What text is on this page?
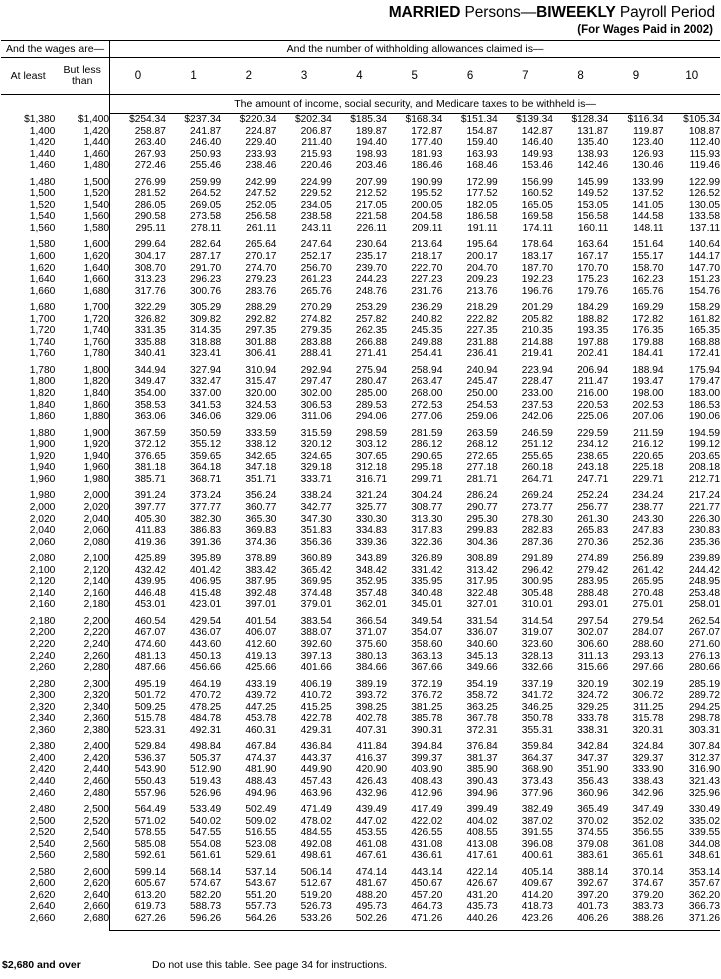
MARRIED Persons—BIWEEKLY Payroll Period
(For Wages Paid in 2002)
And the wages are—		And the number of withholding allowances claimed is—										
At least	But less
than	0	1	2	3	4	5	6	7	8	9	10
		The amount of income, social security, and Medicare taxes to be withheld is—										
$1,380	$1,400	$254.34	$237.34	$220.34	$202.34	$185.34	$168.34	$151.34	$139.34	$128.34	$116.34	$105.34
1,400	1,420	258.87	241.87	224.87	206.87	189.87	172.87	154.87	142.87	131.87	119.87	108.87
1,420	1,440	263.40	246.40	229.40	211.40	194.40	177.40	159.40	146.40	135.40	123.40	112.40
1,440	1,460	267.93	250.93	233.93	215.93	198.93	181.93	163.93	149.93	138.93	126.93	115.93
1,460	1,480	272.46	255.46	238.46	220.46	203.46	186.46	168.46	153.46	142.46	130.46	119.46

1,480	1,500	276.99	259.99	242.99	224.99	207.99	190.99	172.99	156.99	145.99	133.99	122.99
1,500	1,520	281.52	264.52	247.52	229.52	212.52	195.52	177.52	160.52	149.52	137.52	126.52
1,520	1,540	286.05	269.05	252.05	234.05	217.05	200.05	182.05	165.05	153.05	141.05	130.05
1,540	1,560	290.58	273.58	256.58	238.58	221.58	204.58	186.58	169.58	156.58	144.58	133.58
1,560	1,580	295.11	278.11	261.11	243.11	226.11	209.11	191.11	174.11	160.11	148.11	137.11

1,580	1,600	299.64	282.64	265.64	247.64	230.64	213.64	195.64	178.64	163.64	151.64	140.64
1,600	1,620	304.17	287.17	270.17	252.17	235.17	218.17	200.17	183.17	167.17	155.17	144.17
1,620	1,640	308.70	291.70	274.70	256.70	239.70	222.70	204.70	187.70	170.70	158.70	147.70
1,640	1,660	313.23	296.23	279.23	261.23	244.23	227.23	209.23	192.23	175.23	162.23	151.23
1,660	1,680	317.76	300.76	283.76	265.76	248.76	231.76	213.76	196.76	179.76	165.76	154.76

1,680	1,700	322.29	305.29	288.29	270.29	253.29	236.29	218.29	201.29	184.29	169.29	158.29
1,700	1,720	326.82	309.82	292.82	274.82	257.82	240.82	222.82	205.82	188.82	172.82	161.82
1,720	1,740	331.35	314.35	297.35	279.35	262.35	245.35	227.35	210.35	193.35	176.35	165.35
1,740	1,760	335.88	318.88	301.88	283.88	266.88	249.88	231.88	214.88	197.88	179.88	168.88
1,760	1,780	340.41	323.41	306.41	288.41	271.41	254.41	236.41	219.41	202.41	184.41	172.41

1,780	1,800	344.94	327.94	310.94	292.94	275.94	258.94	240.94	223.94	206.94	188.94	175.94
1,800	1,820	349.47	332.47	315.47	297.47	280.47	263.47	245.47	228.47	211.47	193.47	179.47
1,820	1,840	354.00	337.00	320.00	302.00	285.00	268.00	250.00	233.00	216.00	198.00	183.00
1,840	1,860	358.53	341.53	324.53	306.53	289.53	272.53	254.53	237.53	220.53	202.53	186.53
1,860	1,880	363.06	346.06	329.06	311.06	294.06	277.06	259.06	242.06	225.06	207.06	190.06

1,880	1,900	367.59	350.59	333.59	315.59	298.59	281.59	263.59	246.59	229.59	211.59	194.59
1,900	1,920	372.12	355.12	338.12	320.12	303.12	286.12	268.12	251.12	234.12	216.12	199.12
1,920	1,940	376.65	359.65	342.65	324.65	307.65	290.65	272.65	255.65	238.65	220.65	203.65
1,940	1,960	381.18	364.18	347.18	329.18	312.18	295.18	277.18	260.18	243.18	225.18	208.18
1,960	1,980	385.71	368.71	351.71	333.71	316.71	299.71	281.71	264.71	247.71	229.71	212.71

1,980	2,000	391.24	373.24	356.24	338.24	321.24	304.24	286.24	269.24	252.24	234.24	217.24
2,000	2,020	397.77	377.77	360.77	342.77	325.77	308.77	290.77	273.77	256.77	238.77	221.77
2,020	2,040	405.30	382.30	365.30	347.30	330.30	313.30	295.30	278.30	261.30	243.30	226.30
2,040	2,060	411.83	386.83	369.83	351.83	334.83	317.83	299.83	282.83	265.83	247.83	230.83
2,060	2,080	419.36	391.36	374.36	356.36	339.36	322.36	304.36	287.36	270.36	252.36	235.36

2,080	2,100	425.89	395.89	378.89	360.89	343.89	326.89	308.89	291.89	274.89	256.89	239.89
2,100	2,120	432.42	401.42	383.42	365.42	348.42	331.42	313.42	296.42	279.42	261.42	244.42
2,120	2,140	439.95	406.95	387.95	369.95	352.95	335.95	317.95	300.95	283.95	265.95	248.95
2,140	2,160	446.48	415.48	392.48	374.48	357.48	340.48	322.48	305.48	288.48	270.48	253.48
2,160	2,180	453.01	423.01	397.01	379.01	362.01	345.01	327.01	310.01	293.01	275.01	258.01

2,180	2,200	460.54	429.54	401.54	383.54	366.54	349.54	331.54	314.54	297.54	279.54	262.54
2,200	2,220	467.07	436.07	406.07	388.07	371.07	354.07	336.07	319.07	302.07	284.07	267.07
2,220	2,240	474.60	443.60	412.60	392.60	375.60	358.60	340.60	323.60	306.60	288.60	271.60
2,240	2,260	481.13	450.13	419.13	397.13	380.13	363.13	345.13	328.13	311.13	293.13	276.13
2,260	2,280	487.66	456.66	425.66	401.66	384.66	367.66	349.66	332.66	315.66	297.66	280.66

2,280	2,300	495.19	464.19	433.19	406.19	389.19	372.19	354.19	337.19	320.19	302.19	285.19
2,300	2,320	501.72	470.72	439.72	410.72	393.72	376.72	358.72	341.72	324.72	306.72	289.72
2,320	2,340	509.25	478.25	447.25	415.25	398.25	381.25	363.25	346.25	329.25	311.25	294.25
2,340	2,360	515.78	484.78	453.78	422.78	402.78	385.78	367.78	350.78	333.78	315.78	298.78
2,360	2,380	523.31	492.31	460.31	429.31	407.31	390.31	372.31	355.31	338.31	320.31	303.31

2,380	2,400	529.84	498.84	467.84	436.84	411.84	394.84	376.84	359.84	342.84	324.84	307.84
2,400	2,420	536.37	505.37	474.37	443.37	416.37	399.37	381.37	364.37	347.37	329.37	312.37
2,420	2,440	543.90	512.90	481.90	449.90	420.90	403.90	385.90	368.90	351.90	333.90	316.90
2,440	2,460	550.43	519.43	488.43	457.43	426.43	408.43	390.43	373.43	356.43	338.43	321.43
2,460	2,480	557.96	526.96	494.96	463.96	432.96	412.96	394.96	377.96	360.96	342.96	325.96

2,480	2,500	564.49	533.49	502.49	471.49	439.49	417.49	399.49	382.49	365.49	347.49	330.49
2,500	2,520	571.02	540.02	509.02	478.02	447.02	422.02	404.02	387.02	370.02	352.02	335.02
2,520	2,540	578.55	547.55	516.55	484.55	453.55	426.55	408.55	391.55	374.55	356.55	339.55
2,540	2,560	585.08	554.08	523.08	492.08	461.08	431.08	413.08	396.08	379.08	361.08	344.08
2,560	2,580	592.61	561.61	529.61	498.61	467.61	436.61	417.61	400.61	383.61	365.61	348.61

2,580	2,600	599.14	568.14	537.14	506.14	474.14	443.14	422.14	405.14	388.14	370.14	353.14
2,600	2,620	605.67	574.67	543.67	512.67	481.67	450.67	426.67	409.67	392.67	374.67	357.67
2,620	2,640	613.20	582.20	551.20	519.20	488.20	457.20	431.20	414.20	397.20	379.20	362.20
2,640	2,660	619.73	588.73	557.73	526.73	495.73	464.73	435.73	418.73	401.73	383.73	366.73
2,660	2,680	627.26	596.26	564.26	533.26	502.26	471.26	440.26	423.26	406.26	388.26	371.26

$2,680 and over	Do not use this table. See page 34 for instructions.
